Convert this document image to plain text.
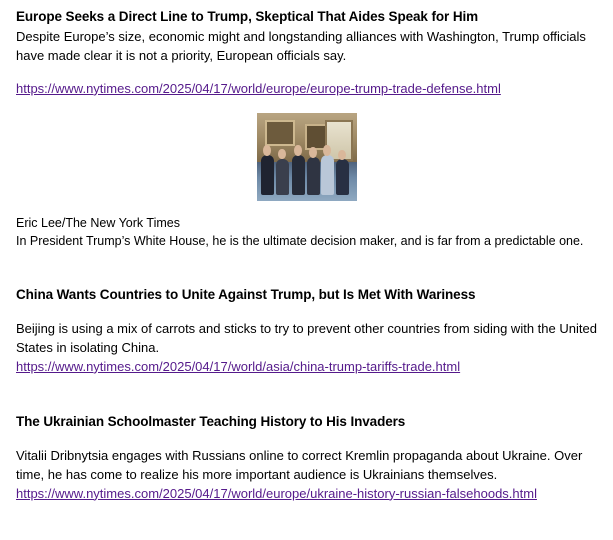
Europe Seeks a Direct Line to Trump, Skeptical That Aides Speak for Him
Despite Europe’s size, economic might and longstanding alliances with Washington, Trump officials have made clear it is not a priority, European officials say.
https://www.nytimes.com/2025/04/17/world/europe/europe-trump-trade-defense.html
Eric Lee/The New York Times
In President Trump’s White House, he is the ultimate decision maker, and is far from a predictable one.
China Wants Countries to Unite Against Trump, but Is Met With Wariness
Beijing is using a mix of carrots and sticks to try to prevent other countries from siding with the United States in isolating China.
https://www.nytimes.com/2025/04/17/world/asia/china-trump-tariffs-trade.html
The Ukrainian Schoolmaster Teaching History to His Invaders
Vitalii Dribnytsia engages with Russians online to correct Kremlin propaganda about Ukraine. Over time, he has come to realize his more important audience is Ukrainians themselves.
https://www.nytimes.com/2025/04/17/world/europe/ukraine-history-russian-falsehoods.html
